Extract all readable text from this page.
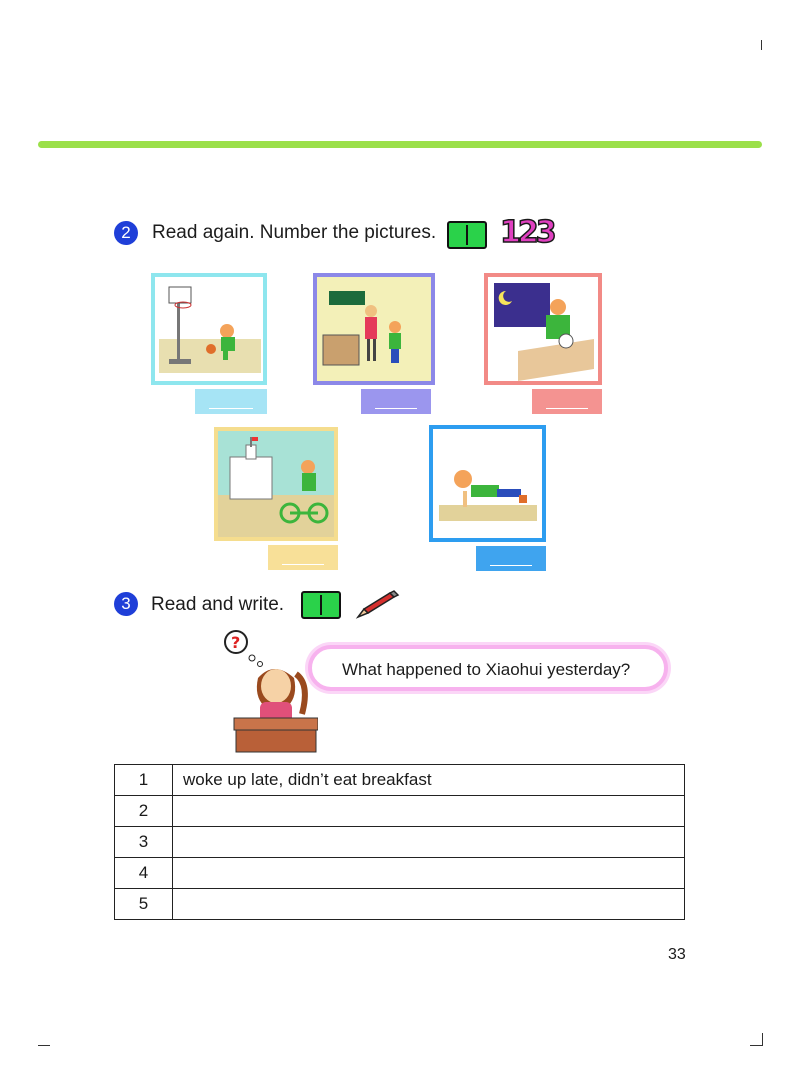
2	Read again. Number the pictures. 123
3	Read and write.
?
What happened to Xiaohui yesterday?
1	woke up late, didn’t eat breakfast
2	
3	
4	
5	
33
